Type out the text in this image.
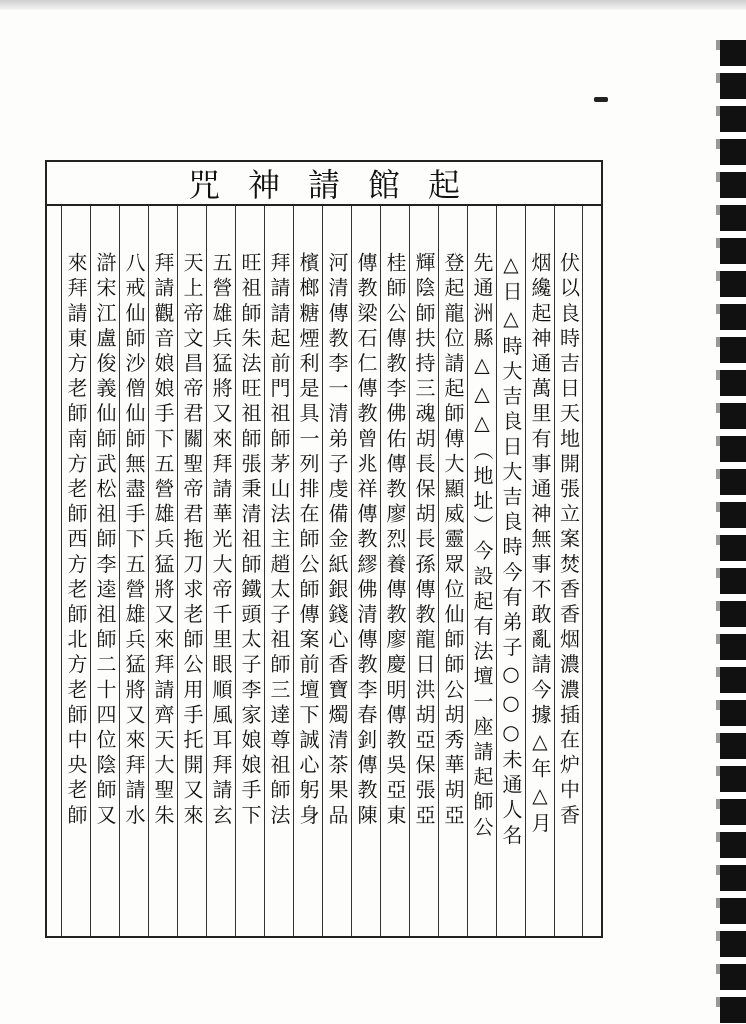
起館請神咒
伏以良時吉日天地開張立案焚香香烟濃濃插在炉中香
烟纔起神通萬里有事通神無事不敢亂請今據△年△月
△日△時大吉良日大吉良時今有弟子○○○未通人名
先通洲縣△△△（地址）今設起有法壇一座請起師公
登起龍位請起師傅大顯威靈眾位仙師師公胡秀華胡亞
輝陰師扶持三魂胡長保胡長孫傳教龍日洪胡亞保張亞
桂師公傳教李佛佑傳教廖烈養傳教廖慶明傳教吳亞東
傳教梁石仁傳教曾兆祥傳教繆佛清傳教李春釗傳教陳
河清傳教李一清弟子虔備金紙銀錢心香寶燭清茶果品
檳榔糖煙利是具一列排在師公師傳案前壇下誠心躬身
拜請請起前門祖師茅山法主趙太子祖師三達尊祖師法
旺祖師朱法旺祖師張秉清祖師鐵頭太子李家娘娘手下
五營雄兵猛將又來拜請華光大帝千里眼順風耳拜請玄
天上帝文昌帝君關聖帝君拖刀求老師公用手托開又來
拜請觀音娘娘手下五營雄兵猛將又來拜請齊天大聖朱
八戒仙師沙僧仙師無盡手下五營雄兵猛將又來拜請水
滸宋江盧俊義仙師武松祖師李逵祖師二十四位陰師又
來拜請東方老師南方老師西方老師北方老師中央老師
